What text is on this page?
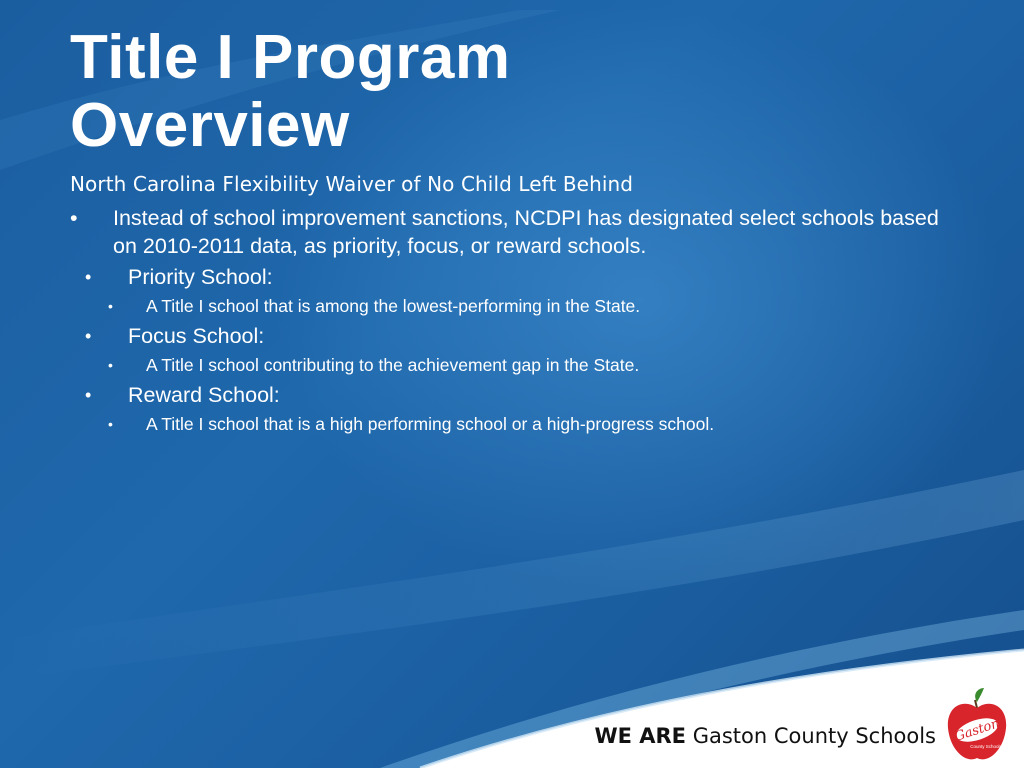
Title I Program Overview

North Carolina Flexibility Waiver of No Child Left Behind

• Instead of school improvement sanctions, NCDPI has designated select schools based on 2010-2011 data, as priority, focus, or reward schools.
• Priority School:
• A Title I school that is among the lowest-performing in the State.
• Focus School:
• A Title I school contributing to the achievement gap in the State.
• Reward School:
• A Title I school that is a high performing school or a high-progress school.
WE ARE Gaston County Schools Gaston
County Schools
